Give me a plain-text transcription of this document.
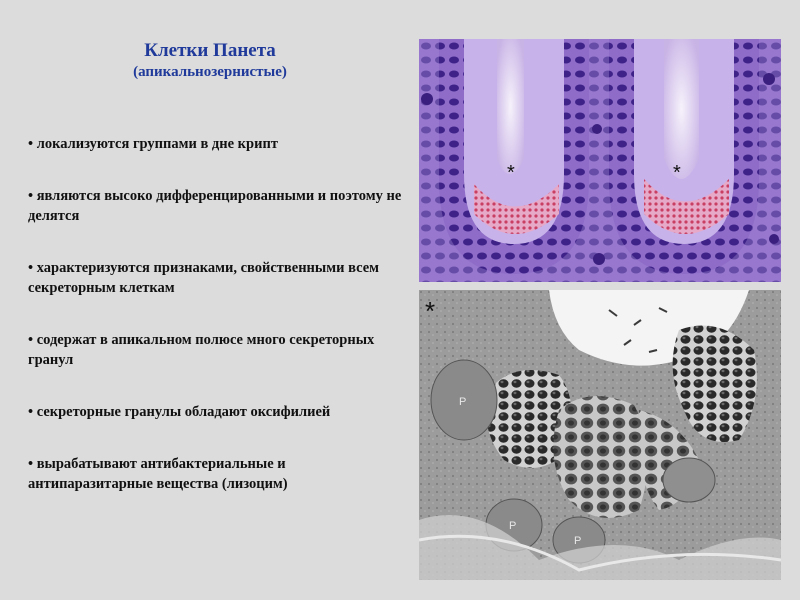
Клетки Панета
(апикальнозернистые)
• локализуются группами в дне крипт
• являются высоко дифференцированными и поэтому не делятся
• характеризуются признаками, свойственными всем секреторным клеткам
• содержат в апикальном полюсе много секреторных гранул
• секреторные гранулы обладают оксифилией
• вырабатывают антибактериальные и антипаразитарные вещества (лизоцим)
*	*
*
P
P
P
